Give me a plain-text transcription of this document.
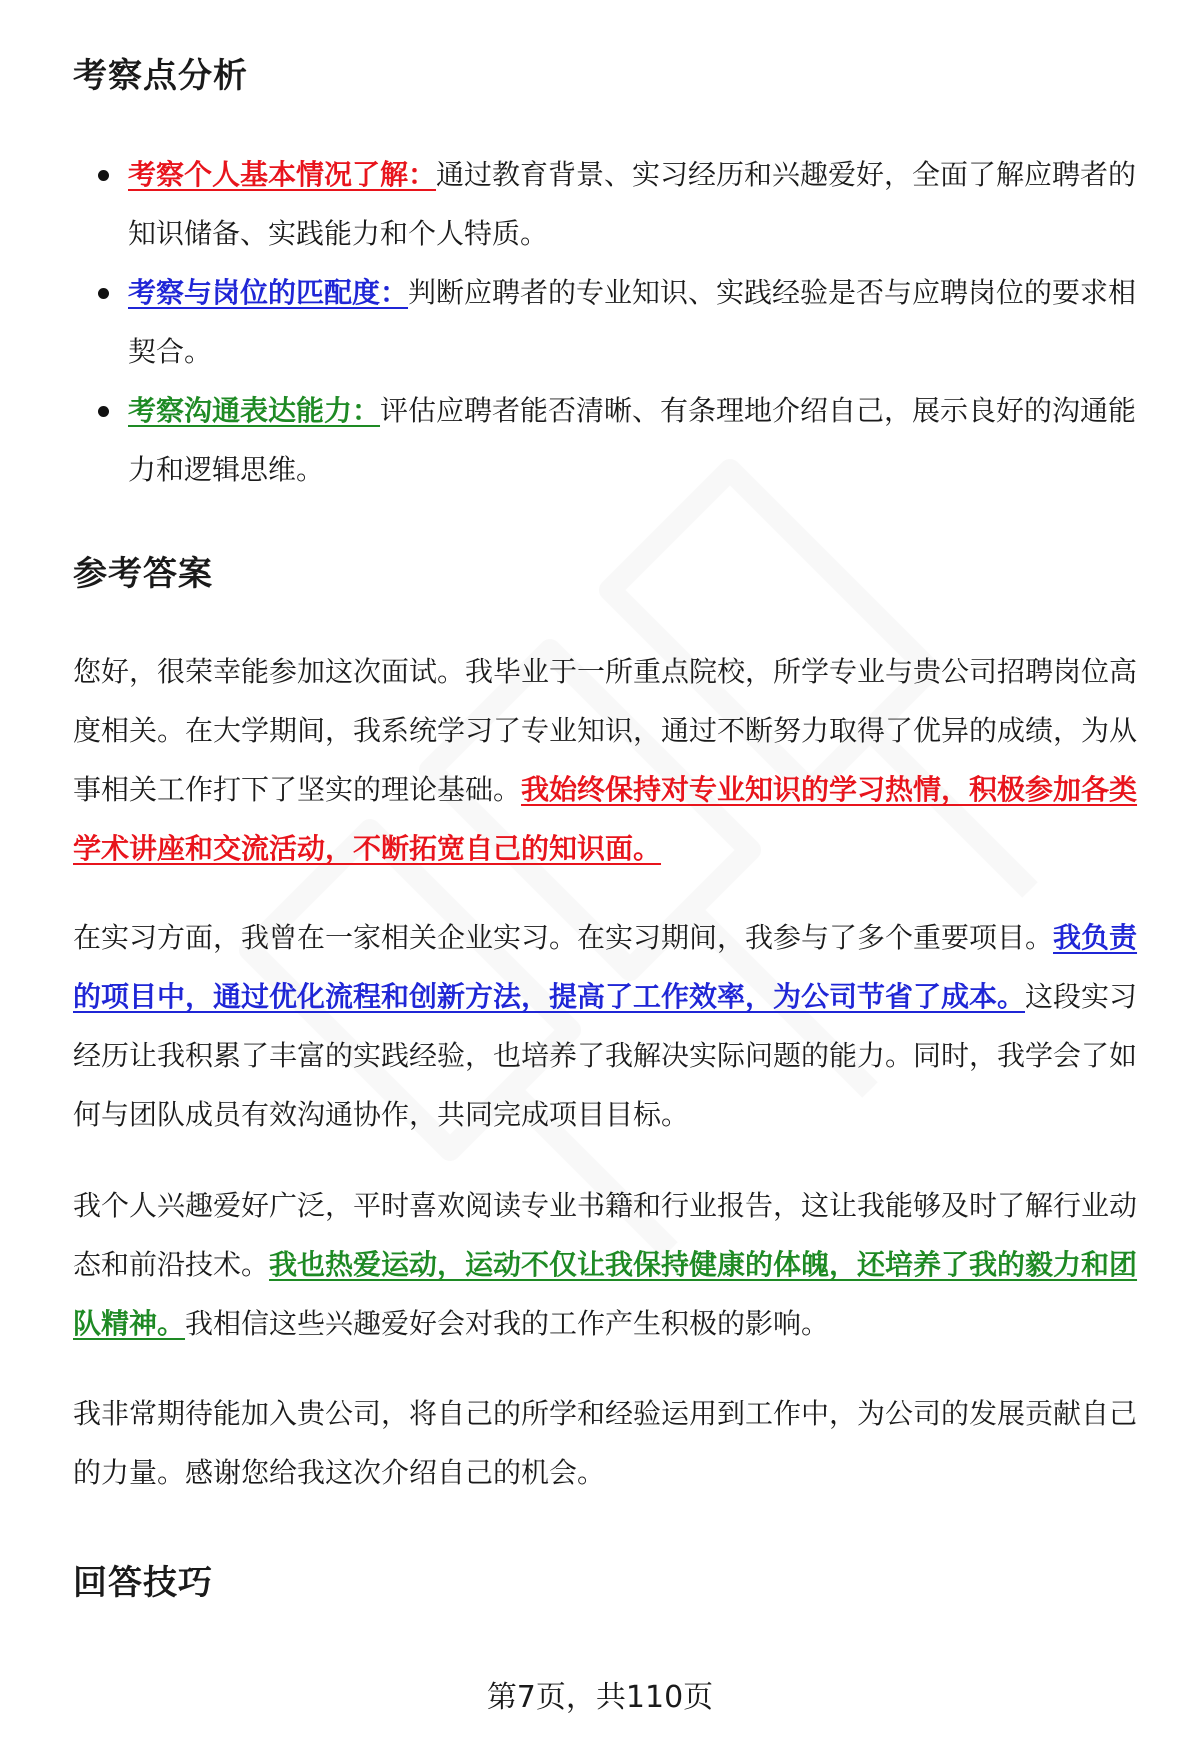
考察点分析
考察个人基本情况了解：通过教育背景、实习经历和兴趣爱好，全面了解应聘者的知识储备、实践能力和个人特质。
考察与岗位的匹配度：判断应聘者的专业知识、实践经验是否与应聘岗位的要求相契合。
考察沟通表达能力：评估应聘者能否清晰、有条理地介绍自己，展示良好的沟通能力和逻辑思维。
参考答案

您好，很荣幸能参加这次面试。我毕业于一所重点院校，所学专业与贵公司招聘岗位高度相关。在大学期间，我系统学习了专业知识，通过不断努力取得了优异的成绩，为从事相关工作打下了坚实的理论基础。我始终保持对专业知识的学习热情，积极参加各类学术讲座和交流活动，不断拓宽自己的知识面。

在实习方面，我曾在一家相关企业实习。在实习期间，我参与了多个重要项目。我负责的项目中，通过优化流程和创新方法，提高了工作效率，为公司节省了成本。这段实习经历让我积累了丰富的实践经验，也培养了我解决实际问题的能力。同时，我学会了如何与团队成员有效沟通协作，共同完成项目目标。

我个人兴趣爱好广泛，平时喜欢阅读专业书籍和行业报告，这让我能够及时了解行业动态和前沿技术。我也热爱运动，运动不仅让我保持健康的体魄，还培养了我的毅力和团队精神。我相信这些兴趣爱好会对我的工作产生积极的影响。

我非常期待能加入贵公司，将自己的所学和经验运用到工作中，为公司的发展贡献自己的力量。感谢您给我这次介绍自己的机会。

回答技巧

第7页，共110页
